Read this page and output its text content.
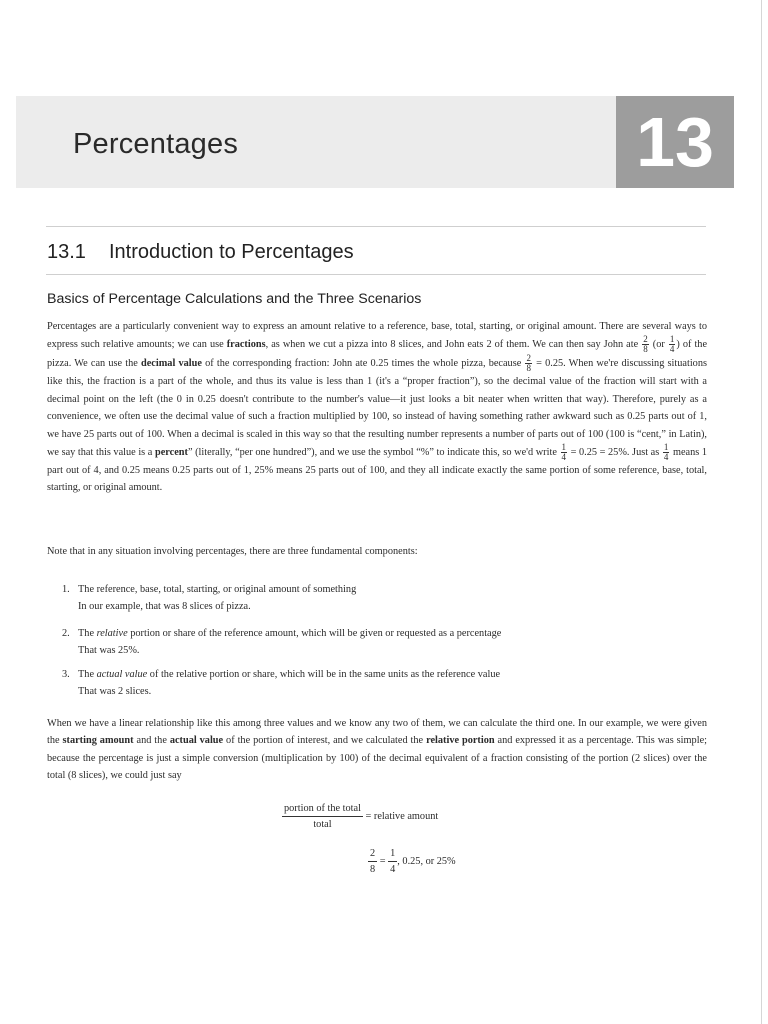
Percentages	13
13.1 Introduction to Percentages
Basics of Percentage Calculations and the Three Scenarios
Percentages are a particularly convenient way to express an amount relative to a reference, base, total, starting, or original amount. There are several ways to express such relative amounts; we can use fractions, as when we cut a pizza into 8 slices, and John eats 2 of them. We can then say John ate $\frac{2}{8} (or \frac{1}{4}$ ) of the pizza. We can use the decimal value of the corresponding fraction: John ate 0.25 times the whole pizza, because $\frac{2}{8} = 0.25$. When we're discussing situations like this, the fraction is a part of the whole, and thus its value is less than 1 (it's a “proper fraction”), so the decimal value of the fraction will start with a decimal point on the left (the 0 in 0.25 doesn't contribute to the number's value—it just looks a bit neater when written that way). Therefore, purely as a convenience, we often use the decimal value of such a fraction multiplied by 100, so instead of having something rather awkward such as 0.25 parts out of 1, we have 25 parts out of 100. When a decimal is scaled in this way so that the resulting number represents a number of parts out of 100 (100 is “cent,” in Latin), we say that this value is a percent” (literally, “per one hundred”), and we use the symbol “%” to indicate this, so we'd write $\frac{1}{4} = 0.25 = 25\%$. Just as $\frac{1}{4}$ means 1 part out of 4, and 0.25 means 0.25 parts out of 1, 25% means 25 parts out of 100, and they all indicate exactly the same portion of some reference, base, total, starting, or original amount.
Note that in any situation involving percentages, there are three fundamental components:
1. The reference, base, total, starting, or original amount of something
In our example, that was 8 slices of pizza.
2. The relative portion or share of the reference amount, which will be given or requested as a percentage
That was 25%.
3. The actual value of the relative portion or share, which will be in the same units as the reference value
That was 2 slices.
When we have a linear relationship like this among three values and we know any two of them, we can calculate the third one. In our example, we were given the starting amount and the actual value of the portion of interest, and we calculated the relative portion and expressed it as a percentage. This was simple; because the percentage is just a simple conversion (multiplication by 100) of the decimal equivalent of a fraction consisting of the portion (2 slices) over the total (8 slices), we could just say
portion of the total
total
= relative amount
$\frac{2}{8} = \frac{1}{4}$ , 0.25, or 25%
